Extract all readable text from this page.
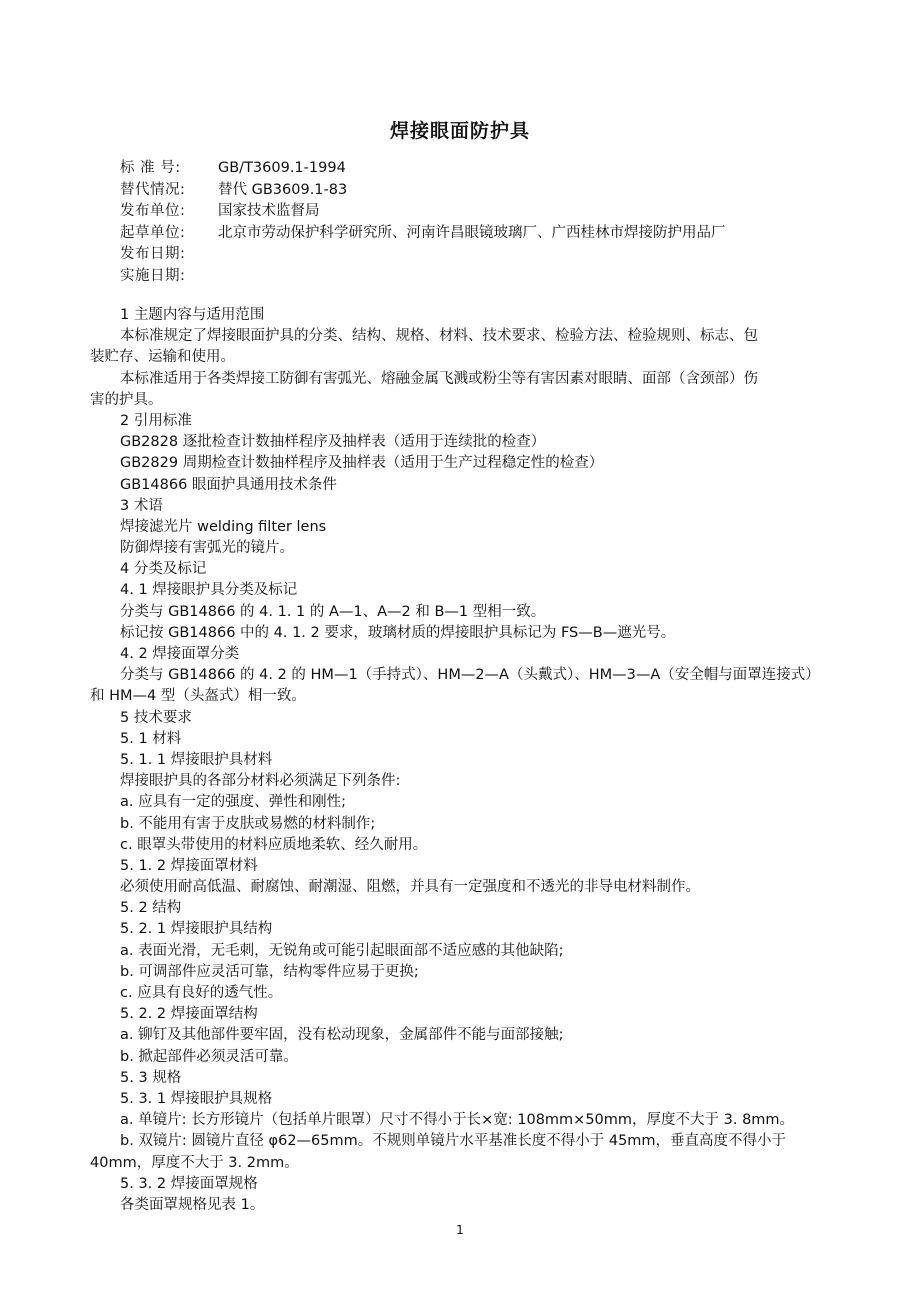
焊接眼面防护具
标 准 号:	GB/T3609.1-1994
替代情况: 替代 GB3609.1-83
发布单位: 国家技术监督局
起草单位: 北京市劳动保护科学研究所、河南许昌眼镜玻璃厂、广西桂林市焊接防护用品厂
发布日期:
实施日期:
1 主题内容与适用范围
本标准规定了焊接眼面护具的分类、结构、规格、材料、技术要求、检验方法、检验规则、标志、包
装贮存、运输和使用。
本标准适用于各类焊接工防御有害弧光、熔融金属飞溅或粉尘等有害因素对眼睛、面部（含颈部）伤
害的护具。
2 引用标准
GB2828 逐批检查计数抽样程序及抽样表（适用于连续批的检查）
GB2829 周期检查计数抽样程序及抽样表（适用于生产过程稳定性的检查）
GB14866 眼面护具通用技术条件
3 术语
焊接滤光片 welding filter lens
防御焊接有害弧光的镜片。
4 分类及标记
4. 1 焊接眼护具分类及标记
分类与 GB14866 的 4. 1. 1 的 A—1、A—2 和 B—1 型相一致。
标记按 GB14866 中的 4. 1. 2 要求，玻璃材质的焊接眼护具标记为 FS—B—遮光号。
4. 2 焊接面罩分类
分类与 GB14866 的 4. 2 的 HM—1（手持式）、HM—2—A（头戴式）、HM—3—A（安全帽与面罩连接式）
和 HM—4 型（头盔式）相一致。
5 技术要求
5. 1 材料
5. 1. 1 焊接眼护具材料
焊接眼护具的各部分材料必须满足下列条件:
a. 应具有一定的强度、弹性和刚性;
b. 不能用有害于皮肤或易燃的材料制作;
c. 眼罩头带使用的材料应质地柔软、经久耐用。
5. 1. 2 焊接面罩材料
必须使用耐高低温、耐腐蚀、耐潮湿、阻燃，并具有一定强度和不透光的非导电材料制作。
5. 2 结构
5. 2. 1 焊接眼护具结构
a. 表面光滑，无毛刺，无锐角或可能引起眼面部不适应感的其他缺陷;
b. 可调部件应灵活可靠，结构零件应易于更换;
c. 应具有良好的透气性。
5. 2. 2 焊接面罩结构
a. 铆钉及其他部件要牢固，没有松动现象，金属部件不能与面部接触;
b. 掀起部件必须灵活可靠。
5. 3 规格
5. 3. 1 焊接眼护具规格
a. 单镜片: 长方形镜片（包括单片眼罩）尺寸不得小于长×宽: 108mm×50mm，厚度不大于 3. 8mm。
b. 双镜片: 圆镜片直径 φ62—65mm。不规则单镜片水平基准长度不得小于 45mm，垂直高度不得小于
40mm，厚度不大于 3. 2mm。
5. 3. 2 焊接面罩规格
各类面罩规格见表 1。
1
